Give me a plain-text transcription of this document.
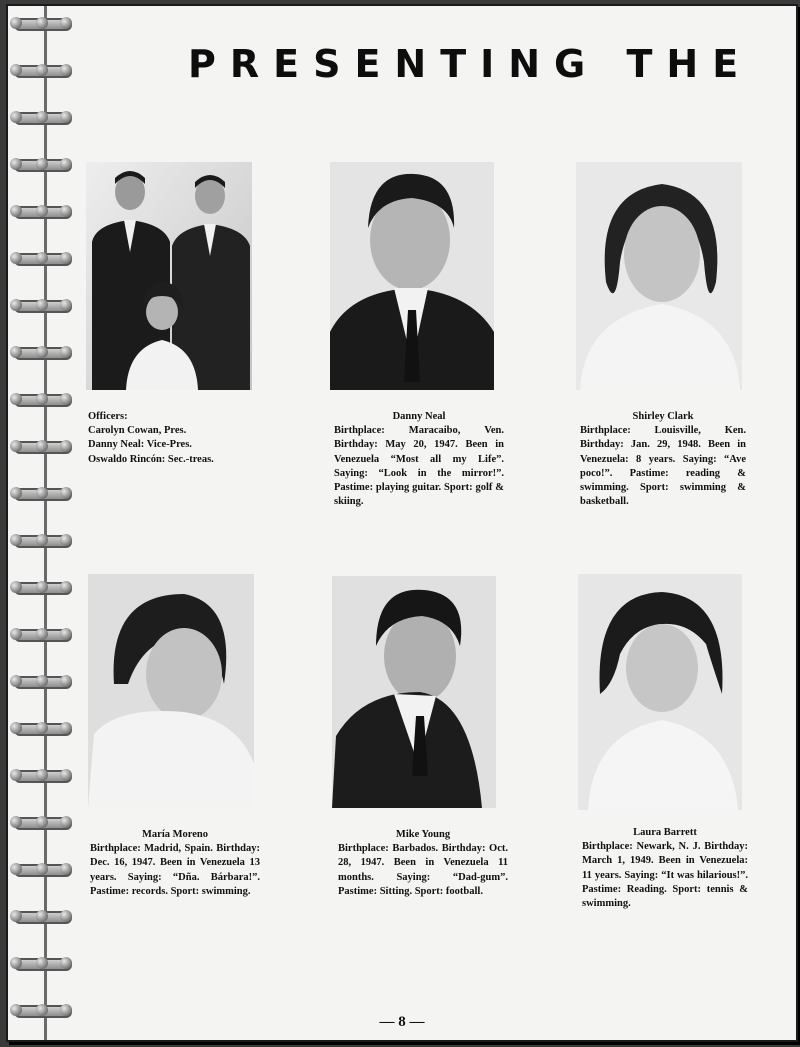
PRESENTING THE
Officers:
Carolyn Cowan, Pres.
Danny Neal: Vice-Pres.
Oswaldo Rincón: Sec.-treas.
Danny Neal
Birthplace: Maracaibo, Ven. Birthday: May 20, 1947. Been in Venezuela “Most all my Life”. Saying: “Look in the mirror!”. Pastime: playing guitar. Sport: golf & skiing.
Shirley Clark
Birthplace: Louisville, Ken. Birthday: Jan. 29, 1948. Been in Venezuela: 8 years. Saying: “Ave poco!”. Pastime: reading & swimming. Sport: swimming & basketball.
María Moreno
Birthplace: Madrid, Spain. Birthday: Dec. 16, 1947. Been in Venezuela 13 years. Saying: “Dña. Bárbara!”. Pastime: records. Sport: swimming.
Mike Young
Birthplace: Barbados. Birthday: Oct. 28, 1947. Been in Venezuela 11 months. Saying: “Dad-gum”. Pastime: Sitting. Sport: football.
Laura Barrett
Birthplace: Newark, N. J. Birthday: March 1, 1949. Been in Venezuela: 11 years. Saying: “It was hilarious!”. Pastime: Reading. Sport: tennis & swimming.
— 8 —
